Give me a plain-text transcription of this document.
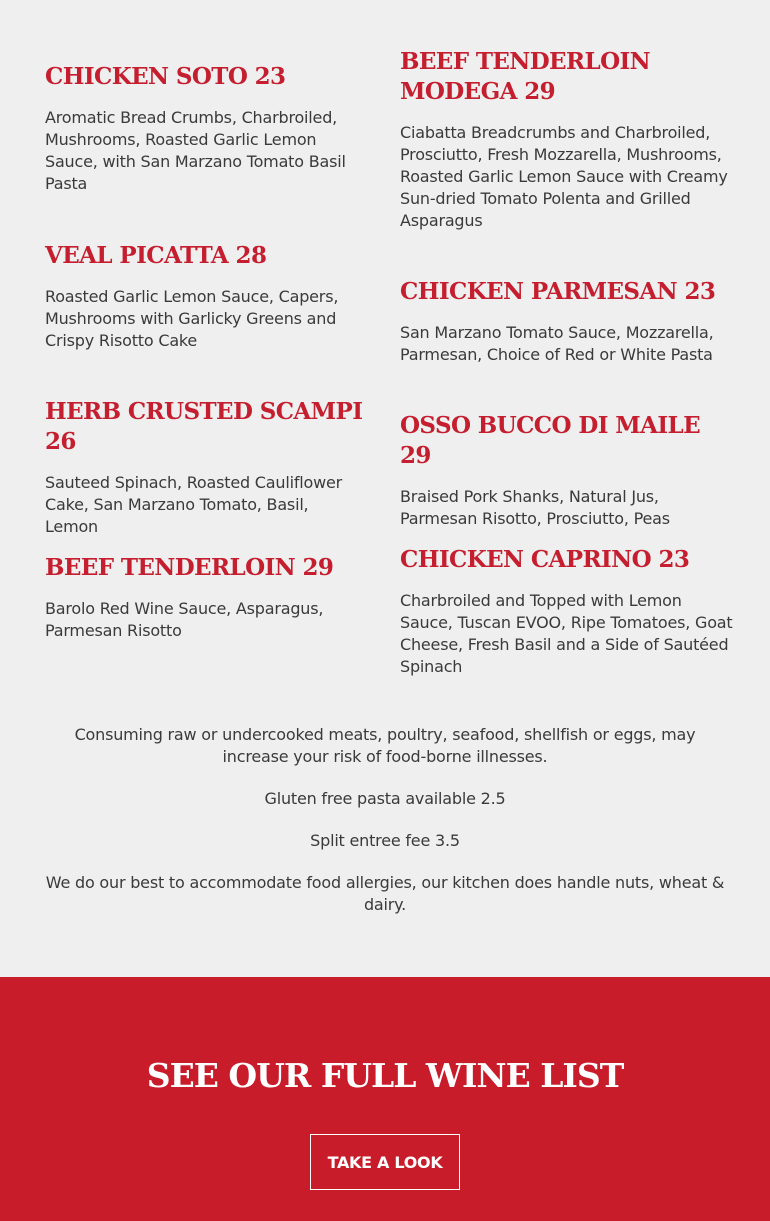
CHICKEN SOTO 23
Aromatic Bread Crumbs, Charbroiled, Mushrooms, Roasted Garlic Lemon Sauce, with San Marzano Tomato Basil Pasta
VEAL PICATTA 28
Roasted Garlic Lemon Sauce, Capers, Mushrooms with Garlicky Greens and Crispy Risotto Cake
HERB CRUSTED SCAMPI 26
Sauteed Spinach, Roasted Cauliflower Cake, San Marzano Tomato, Basil, Lemon
BEEF TENDERLOIN 29
Barolo Red Wine Sauce, Asparagus, Parmesan Risotto
BEEF TENDERLOIN MODEGA 29
Ciabatta Breadcrumbs and Charbroiled, Prosciutto, Fresh Mozzarella, Mushrooms, Roasted Garlic Lemon Sauce with Creamy Sun-dried Tomato Polenta and Grilled Asparagus
CHICKEN PARMESAN 23
San Marzano Tomato Sauce, Mozzarella, Parmesan, Choice of Red or White Pasta
OSSO BUCCO DI MAILE 29
Braised Pork Shanks, Natural Jus, Parmesan Risotto, Prosciutto, Peas
CHICKEN CAPRINO 23
Charbroiled and Topped with Lemon Sauce, Tuscan EVOO, Ripe Tomatoes, Goat Cheese, Fresh Basil and a Side of Sautéed Spinach

Consuming raw or undercooked meats, poultry, seafood, shellfish or eggs, may increase your risk of food-borne illnesses.

Gluten free pasta available 2.5

Split entree fee 3.5

We do our best to accommodate food allergies, our kitchen does handle nuts, wheat & dairy.

SEE OUR FULL WINE LIST
TAKE A LOOK
